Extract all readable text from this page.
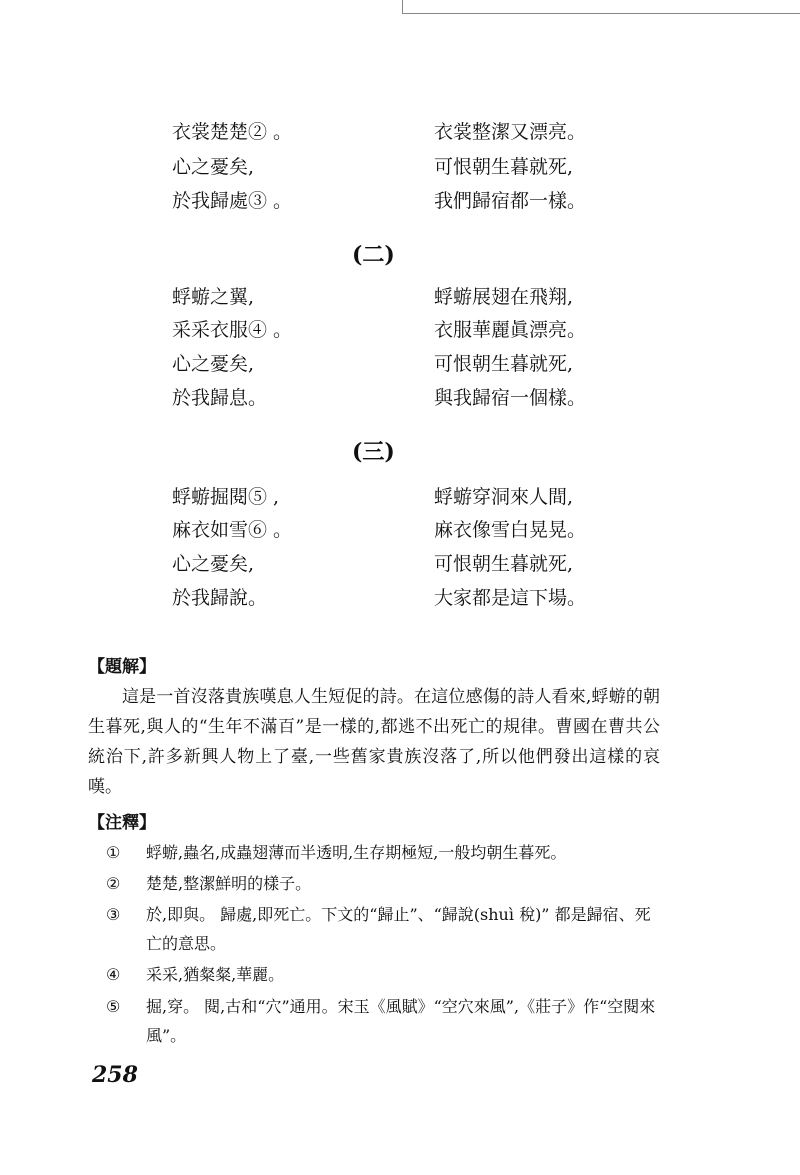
衣裳楚楚② 。
心之憂矣,
於我歸處③ 。
衣裳整潔又漂亮。
可恨朝生暮就死,
我們歸宿都一樣。
(二)
蜉蝣之翼,
采采衣服④ 。
心之憂矣,
於我歸息。
蜉蝣展翅在飛翔,
衣服華麗眞漂亮。
可恨朝生暮就死,
與我歸宿一個樣。
(三)
蜉蝣掘閱⑤ ,
麻衣如雪⑥ 。
心之憂矣,
於我歸說。
蜉蝣穿洞來人間,
麻衣像雪白晃晃。
可恨朝生暮就死,
大家都是這下場。
【題解】
這是一首沒落貴族嘆息人生短促的詩。在這位感傷的詩人看來,蜉蝣的朝生暮死,與人的“生年不滿百”是一樣的,都逃不出死亡的規律。曹國在曹共公統治下,許多新興人物上了臺,一些舊家貴族沒落了,所以他們發出這樣的哀嘆。
【注釋】
① 蜉蝣,蟲名,成蟲翅薄而半透明,生存期極短,一般均朝生暮死。
② 楚楚,整潔鮮明的樣子。
③ 於,即與。 歸處,即死亡。下文的“歸止”、“歸說(shuì 稅)” 都是歸宿、死亡的意思。
④ 采采,猶粲粲,華麗。
⑤ 掘,穿。 閱,古和“穴”通用。宋玉《風賦》“空穴來風”,《莊子》作“空閱來風”。
258
